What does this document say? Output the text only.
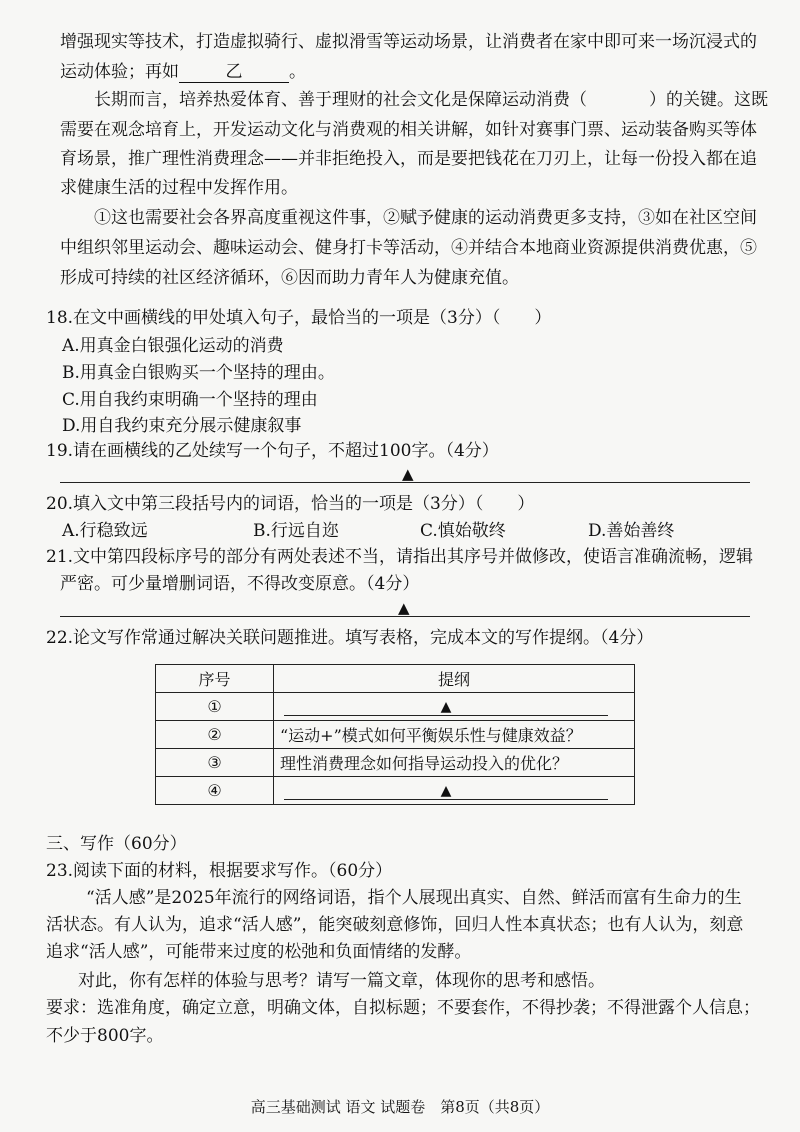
增强现实等技术，打造虚拟骑行、虚拟滑雪等运动场景，让消费者在家中即可来一场沉浸式的
运动体验；再如	乙	。
长期而言，培养热爱体育、善于理财的社会文化是保障运动消费（	）的关键。这既
需要在观念培育上，开发运动文化与消费观的相关讲解，如针对赛事门票、运动装备购买等体
育场景，推广理性消费理念——并非拒绝投入，而是要把钱花在刀刃上，让每一份投入都在追
求健康生活的过程中发挥作用。
①这也需要社会各界高度重视这件事，②赋予健康的运动消费更多支持，③如在社区空间
中组织邻里运动会、趣味运动会、健身打卡等活动，④并结合本地商业资源提供消费优惠，⑤
形成可持续的社区经济循环，⑥因而助力青年人为健康充值。
18.在文中画横线的甲处填入句子，最恰当的一项是（3分）（　　）
A.用真金白银强化运动的消费
B.用真金白银购买一个坚持的理由。
C.用自我约束明确一个坚持的理由
D.用自我约束充分展示健康叙事
19.请在画横线的乙处续写一个句子，不超过100字。（4分）
▲
20.填入文中第三段括号内的词语，恰当的一项是（3分）（　　）
A.行稳致远	B.行远自迩	C.慎始敬终	D.善始善终
21.文中第四段标序号的部分有两处表述不当，请指出其序号并做修改，使语言准确流畅，逻辑
严密。可少量增删词语，不得改变原意。（4分）
▲
22.论文写作常通过解决关联问题推进。填写表格，完成本文的写作提纲。（4分）
序号	提纲
①	▲

②	“运动+”模式如何平衡娱乐性与健康效益？
③	理性消费理念如何指导运动投入的优化？
④	▲
三、写作（60分）
23.阅读下面的材料，根据要求写作。（60分）
“活人感”是2025年流行的网络词语，指个人展现出真实、自然、鲜活而富有生命力的生
活状态。有人认为，追求“活人感”，能突破刻意修饰，回归人性本真状态；也有人认为，刻意
追求“活人感”，可能带来过度的松弛和负面情绪的发酵。
对此，你有怎样的体验与思考？请写一篇文章，体现你的思考和感悟。
要求：选准角度，确定立意，明确文体，自拟标题；不要套作，不得抄袭；不得泄露个人信息；
不少于800字。
高三基础测试 语文 试题卷　第8页（共8页）
